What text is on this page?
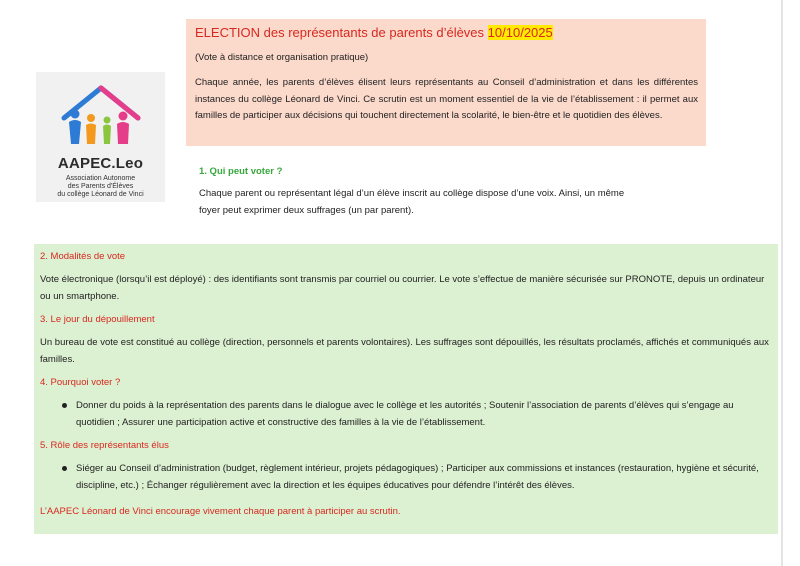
AAPEC.Leo
Association Autonome
des Parents d'Élèves
du collège Léonard de Vinci
ELECTION des représentants de parents d’élèves 10/10/2025
(Vote à distance et organisation pratique)
Chaque année, les parents d’élèves élisent leurs représentants au Conseil d’administration et dans les différentes instances du collège Léonard de Vinci. Ce scrutin est un moment essentiel de la vie de l’établissement : il permet aux familles de participer aux décisions qui touchent directement la scolarité, le bien-être et le quotidien des élèves.
1. Qui peut voter ?
Chaque parent ou représentant légal d’un élève inscrit au collège dispose d’une voix. Ainsi, un même
foyer peut exprimer deux suffrages (un par parent).
2. Modalités de vote
Vote électronique (lorsqu’il est déployé) : des identifiants sont transmis par courriel ou courrier. Le vote s’effectue de manière sécurisée sur PRONOTE, depuis un ordinateur ou un smartphone.
3. Le jour du dépouillement
Un bureau de vote est constitué au collège (direction, personnels et parents volontaires). Les suffrages sont dépouillés, les résultats proclamés, affichés et communiqués aux familles.
4. Pourquoi voter ?
Donner du poids à la représentation des parents dans le dialogue avec le collège et les autorités ; Soutenir l’association de parents d’élèves qui s’engage au quotidien ; Assurer une participation active et constructive des familles à la vie de l’établissement.
5. Rôle des représentants élus
Siéger au Conseil d’administration (budget, règlement intérieur, projets pédagogiques) ; Participer aux commissions et instances (restauration, hygiène et sécurité, discipline, etc.) ; Échanger régulièrement avec la direction et les équipes éducatives pour défendre l’intérêt des élèves.
L’AAPEC Léonard de Vinci encourage vivement chaque parent à participer au scrutin.
